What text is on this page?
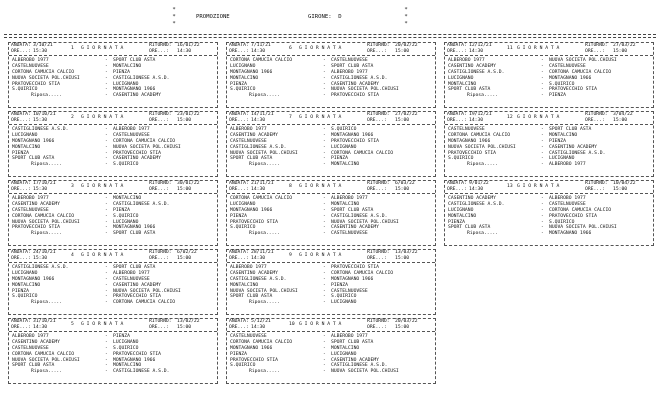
*

*

*

*

*

*

PROMOZIONE

	GIRONE:  D

ANDATA: 3/10/21
ORE...: 15:30
1 G I O R N A T A
RITORNO: 16/01/22
ORE...: 14:30
ALBEROBO 1977	- SPORT CLUB ASTA
CASTELNUOVESE	- MONTALCINO
CORTONA CAMUCIA CALCIO	- PIENZA
NUOVA SOCIETA POL.CHIUSI	- CASTIGLIONESE A.S.D.
PRATOVECCHIO STIA	- LUCIGNANO
S.QUIRICO	- MONTAGNANO 1966
Riposa.....	- CASENTINO ACADEMY
ANDATA: 10/10/21
ORE...: 15:30
2 G I O R N A T A
RITORNO: 23/01/22
ORE...: 15:00
CASTIGLIONESE A.S.D.	- ALBEROBO 1977
LUCIGNANO	- CASTELNUOVESE
MONTAGNANO 1966	- CORTONA CAMUCIA CALCIO
MONTALCINO	- NUOVA SOCIETA POL.CHIUSI
PIENZA	- PRATOVECCHIO STIA
SPORT CLUB ASTA	- CASENTINO ACADEMY
Riposa.....	- S.QUIRICO
ANDATA: 17/10/21
ORE...: 15:30
3 G I O R N A T A
RITORNO: 30/01/22
ORE...: 15:00
ALBEROBO 1977	- MONTALCINO
CASENTINO ACADEMY	- CASTIGLIONESE A.S.D.
CASTELNUOVESE	- PIENZA
CORTONA CAMUCIA CALCIO	- S.QUIRICO
NUOVA SOCIETA POL.CHIUSI	- LUCIGNANO
PRATOVECCHIO STIA	- MONTAGNANO 1966
Riposa.....	- SPORT CLUB ASTA
ANDATA: 24/10/21
ORE...: 15:30
4 G I O R N A T A
RITORNO: 6/02/22
ORE...: 15:00
CASTIGLIONESE A.S.D.	- SPORT CLUB ASTA
LUCIGNANO	- ALBEROBO 1977
MONTAGNANO 1966	- CASTELNUOVESE
MONTALCINO	- CASENTINO ACADEMY
PIENZA	- NUOVA SOCIETA POL.CHIUSI
S.QUIRICO	- PRATOVECCHIO STIA
Riposa.....	- CORTONA CAMUCIA CALCIO
ANDATA: 31/10/21
ORE...: 14:30
5 G I O R N A T A
RITORNO: 13/02/22
ORE...: 15:00
ALBEROBO 1977	- PIENZA
CASENTINO ACADEMY	- LUCIGNANO
CASTELNUOVESE	- S.QUIRICO
CORTONA CAMUCIA CALCIO	- PRATOVECCHIO STIA
NUOVA SOCIETA POL.CHIUSI	- MONTAGNANO 1966
SPORT CLUB ASTA	- MONTALCINO
Riposa.....	- CASTIGLIONESE A.S.D.
ANDATA: 7/11/21
ORE...: 14:30
6 G I O R N A T A
RITORNO: 20/02/22
ORE...: 15:00
CORTONA CAMUCIA CALCIO	- CASTELNUOVESE
LUCIGNANO	- SPORT CLUB ASTA
MONTAGNANO 1966	- ALBEROBO 1977
MONTALCINO	- CASTIGLIONESE A.S.D.
PIENZA	- CASENTINO ACADEMY
S.QUIRICO	- NUOVA SOCIETA POL.CHIUSI
Riposa.....	- PRATOVECCHIO STIA
ANDATA: 14/11/21
ORE...: 14:30
7 G I O R N A T A
RITORNO: 27/02/22
ORE...: 15:00
ALBEROBO 1977	- S.QUIRICO
CASENTINO ACADEMY	- MONTAGNANO 1966
CASTELNUOVESE	- PRATOVECCHIO STIA
CASTIGLIONESE A.S.D.	- LUCIGNANO
NUOVA SOCIETA POL.CHIUSI	- CORTONA CAMUCIA CALCIO
SPORT CLUB ASTA	- PIENZA
Riposa.....	- MONTALCINO
ANDATA: 21/11/21
ORE...: 14:30
8 G I O R N A T A
RITORNO: 6/03/22
ORE...: 15:00
CORTONA CAMUCIA CALCIO	- ALBEROBO 1977
LUCIGNANO	- MONTALCINO
MONTAGNANO 1966	- SPORT CLUB ASTA
PIENZA	- CASTIGLIONESE A.S.D.
PRATOVECCHIO STIA	- NUOVA SOCIETA POL.CHIUSI
S.QUIRICO	- CASENTINO ACADEMY
Riposa.....	- CASTELNUOVESE
ANDATA: 28/11/21
ORE...: 14:30
9 G I O R N A T A
RITORNO: 13/03/22
ORE...: 15:00
ALBEROBO 1977	- PRATOVECCHIO STIA
CASENTINO ACADEMY	- CORTONA CAMUCIA CALCIO
CASTIGLIONESE A.S.D.	- MONTAGNANO 1966
MONTALCINO	- PIENZA
NUOVA SOCIETA POL.CHIUSI	- CASTELNUOVESE
SPORT CLUB ASTA	- S.QUIRICO
Riposa.....	- LUCIGNANO
ANDATA: 5/12/21
ORE...: 14:30
10 G I O R N A T A
RITORNO: 20/03/22
ORE...: 15:00
CASTELNUOVESE	- ALBEROBO 1977
CORTONA CAMUCIA CALCIO	- SPORT CLUB ASTA
MONTAGNANO 1966	- MONTALCINO
PIENZA	- LUCIGNANO
PRATOVECCHIO STIA	- CASENTINO ACADEMY
S.QUIRICO	- CASTIGLIONESE A.S.D.
Riposa.....	- NUOVA SOCIETA POL.CHIUSI
ANDATA: 12/12/21
ORE...: 14:30
11 G I O R N A T A
RITORNO: 27/03/22
ORE...: 15:00
ALBEROBO 1977	- NUOVA SOCIETA POL.CHIUSI
CASENTINO ACADEMY	- CASTELNUOVESE
CASTIGLIONESE A.S.D.	- CORTONA CAMUCIA CALCIO
LUCIGNANO	- MONTAGNANO 1966
MONTALCINO	- S.QUIRICO
SPORT CLUB ASTA	- PRATOVECCHIO STIA
Riposa.....	- PIENZA
ANDATA: 19/12/21
ORE...: 14:30
12 G I O R N A T A
RITORNO: 3/04/22
ORE...: 15:00
CASTELNUOVESE	- SPORT CLUB ASTA
CORTONA CAMUCIA CALCIO	- MONTALCINO
MONTAGNANO 1966	- PIENZA
NUOVA SOCIETA POL.CHIUSI	- CASENTINO ACADEMY
PRATOVECCHIO STIA	- CASTIGLIONESE A.S.D.
S.QUIRICO	- LUCIGNANO
Riposa.....	- ALBEROBO 1977
ANDATA: 9/01/22
ORE...: 14:30
13 G I O R N A T A
RITORNO: 10/04/22
ORE...: 15:00
CASENTINO ACADEMY	- ALBEROBO 1977
CASTIGLIONESE A.S.D.	- CASTELNUOVESE
LUCIGNANO	- CORTONA CAMUCIA CALCIO
MONTALCINO	- PRATOVECCHIO STIA
PIENZA	- S.QUIRICO
SPORT CLUB ASTA	- NUOVA SOCIETA POL.CHIUSI
Riposa.....	- MONTAGNANO 1966
